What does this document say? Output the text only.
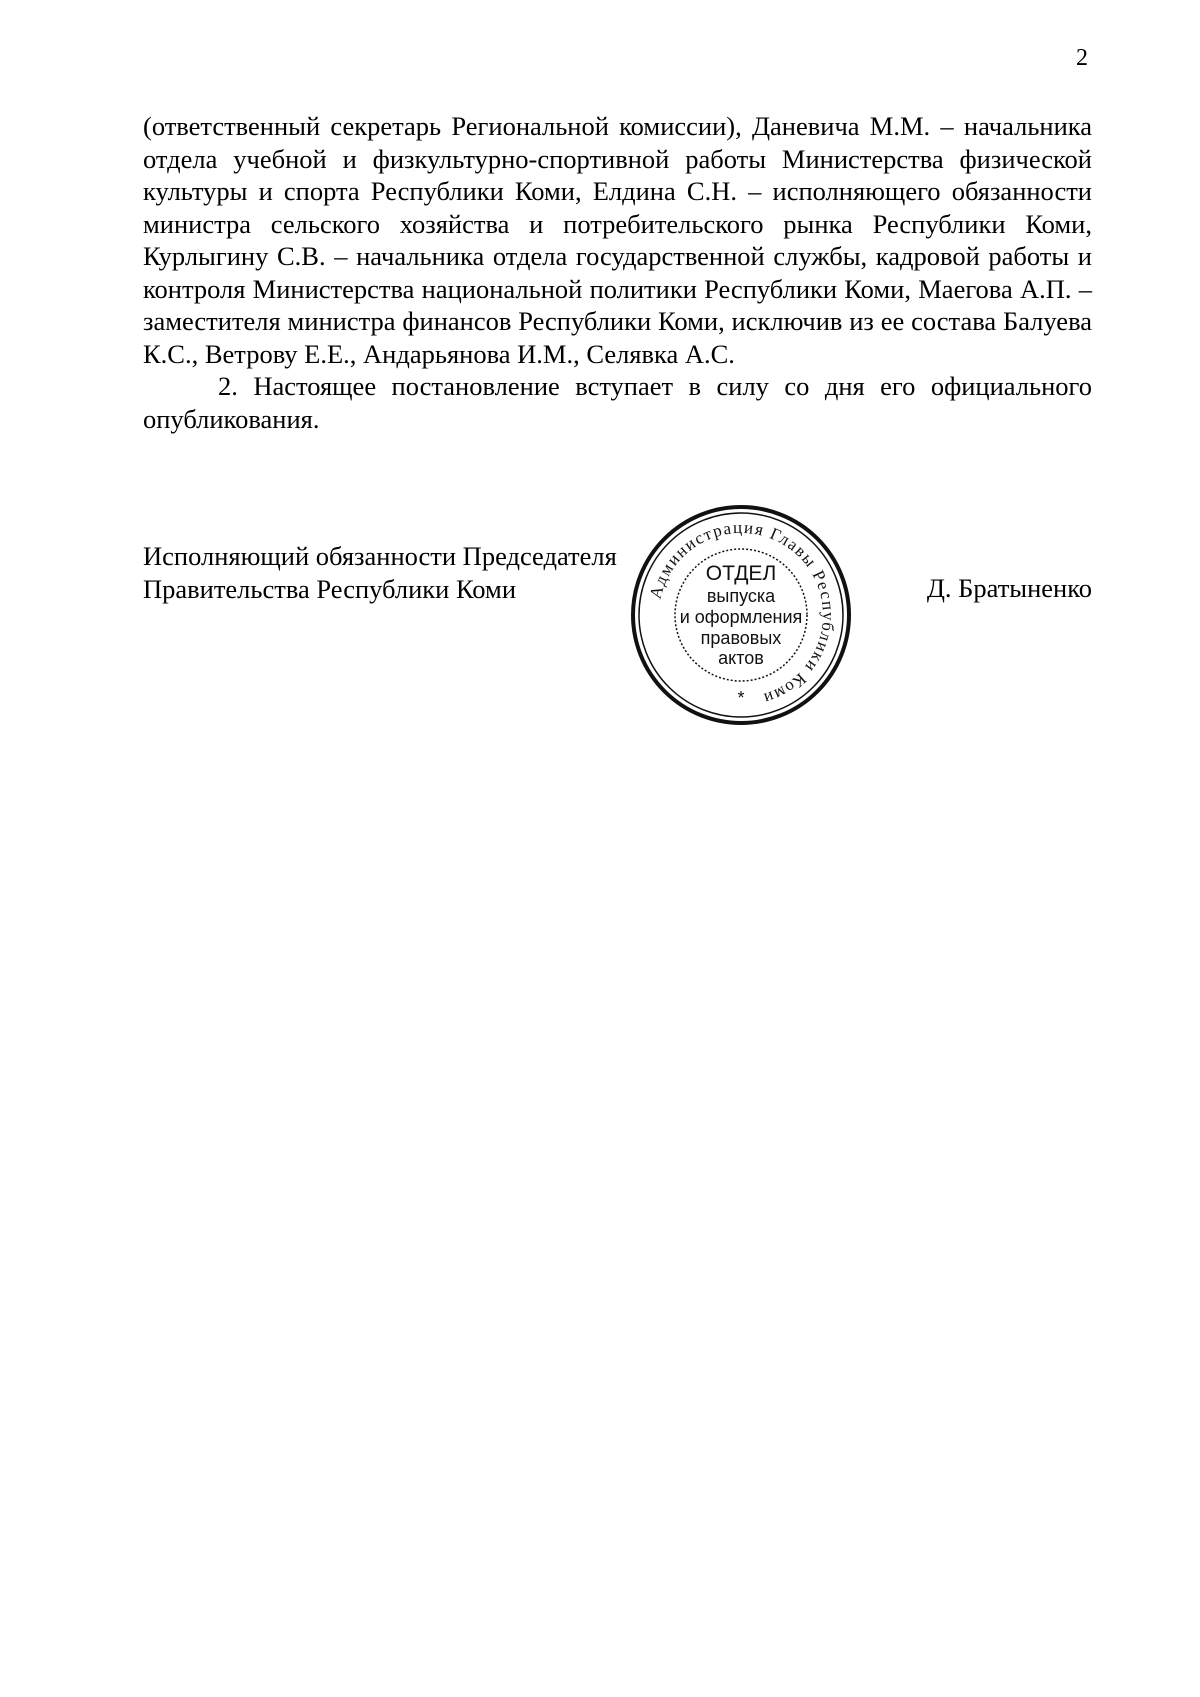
2

(ответственный секретарь Региональной комиссии), Даневича М.М. – начальника отдела учебной и физкультурно-спортивной работы Министерства физической культуры и спорта Республики Коми, Елдина С.Н. – исполняющего обязанности министра сельского хозяйства и потребительского рынка Республики Коми, Курлыгину С.В. – начальника отдела государственной службы, кадровой работы и контроля Министерства национальной политики Республики Коми, Маегова А.П. – заместителя министра финансов Республики Коми, исключив из ее состава Балуева К.С., Ветрову Е.Е., Андарьянова И.М., Селявка А.С.

2. Настоящее постановление вступает в силу со дня его официального опубликования.

Исполняющий обязанности Председателя
Правительства Республики Коми	Д. Братыненко
Администрация Главы Республики Коми
ОТДЕЛ
выпуска
и оформления
правовых
актов
*
